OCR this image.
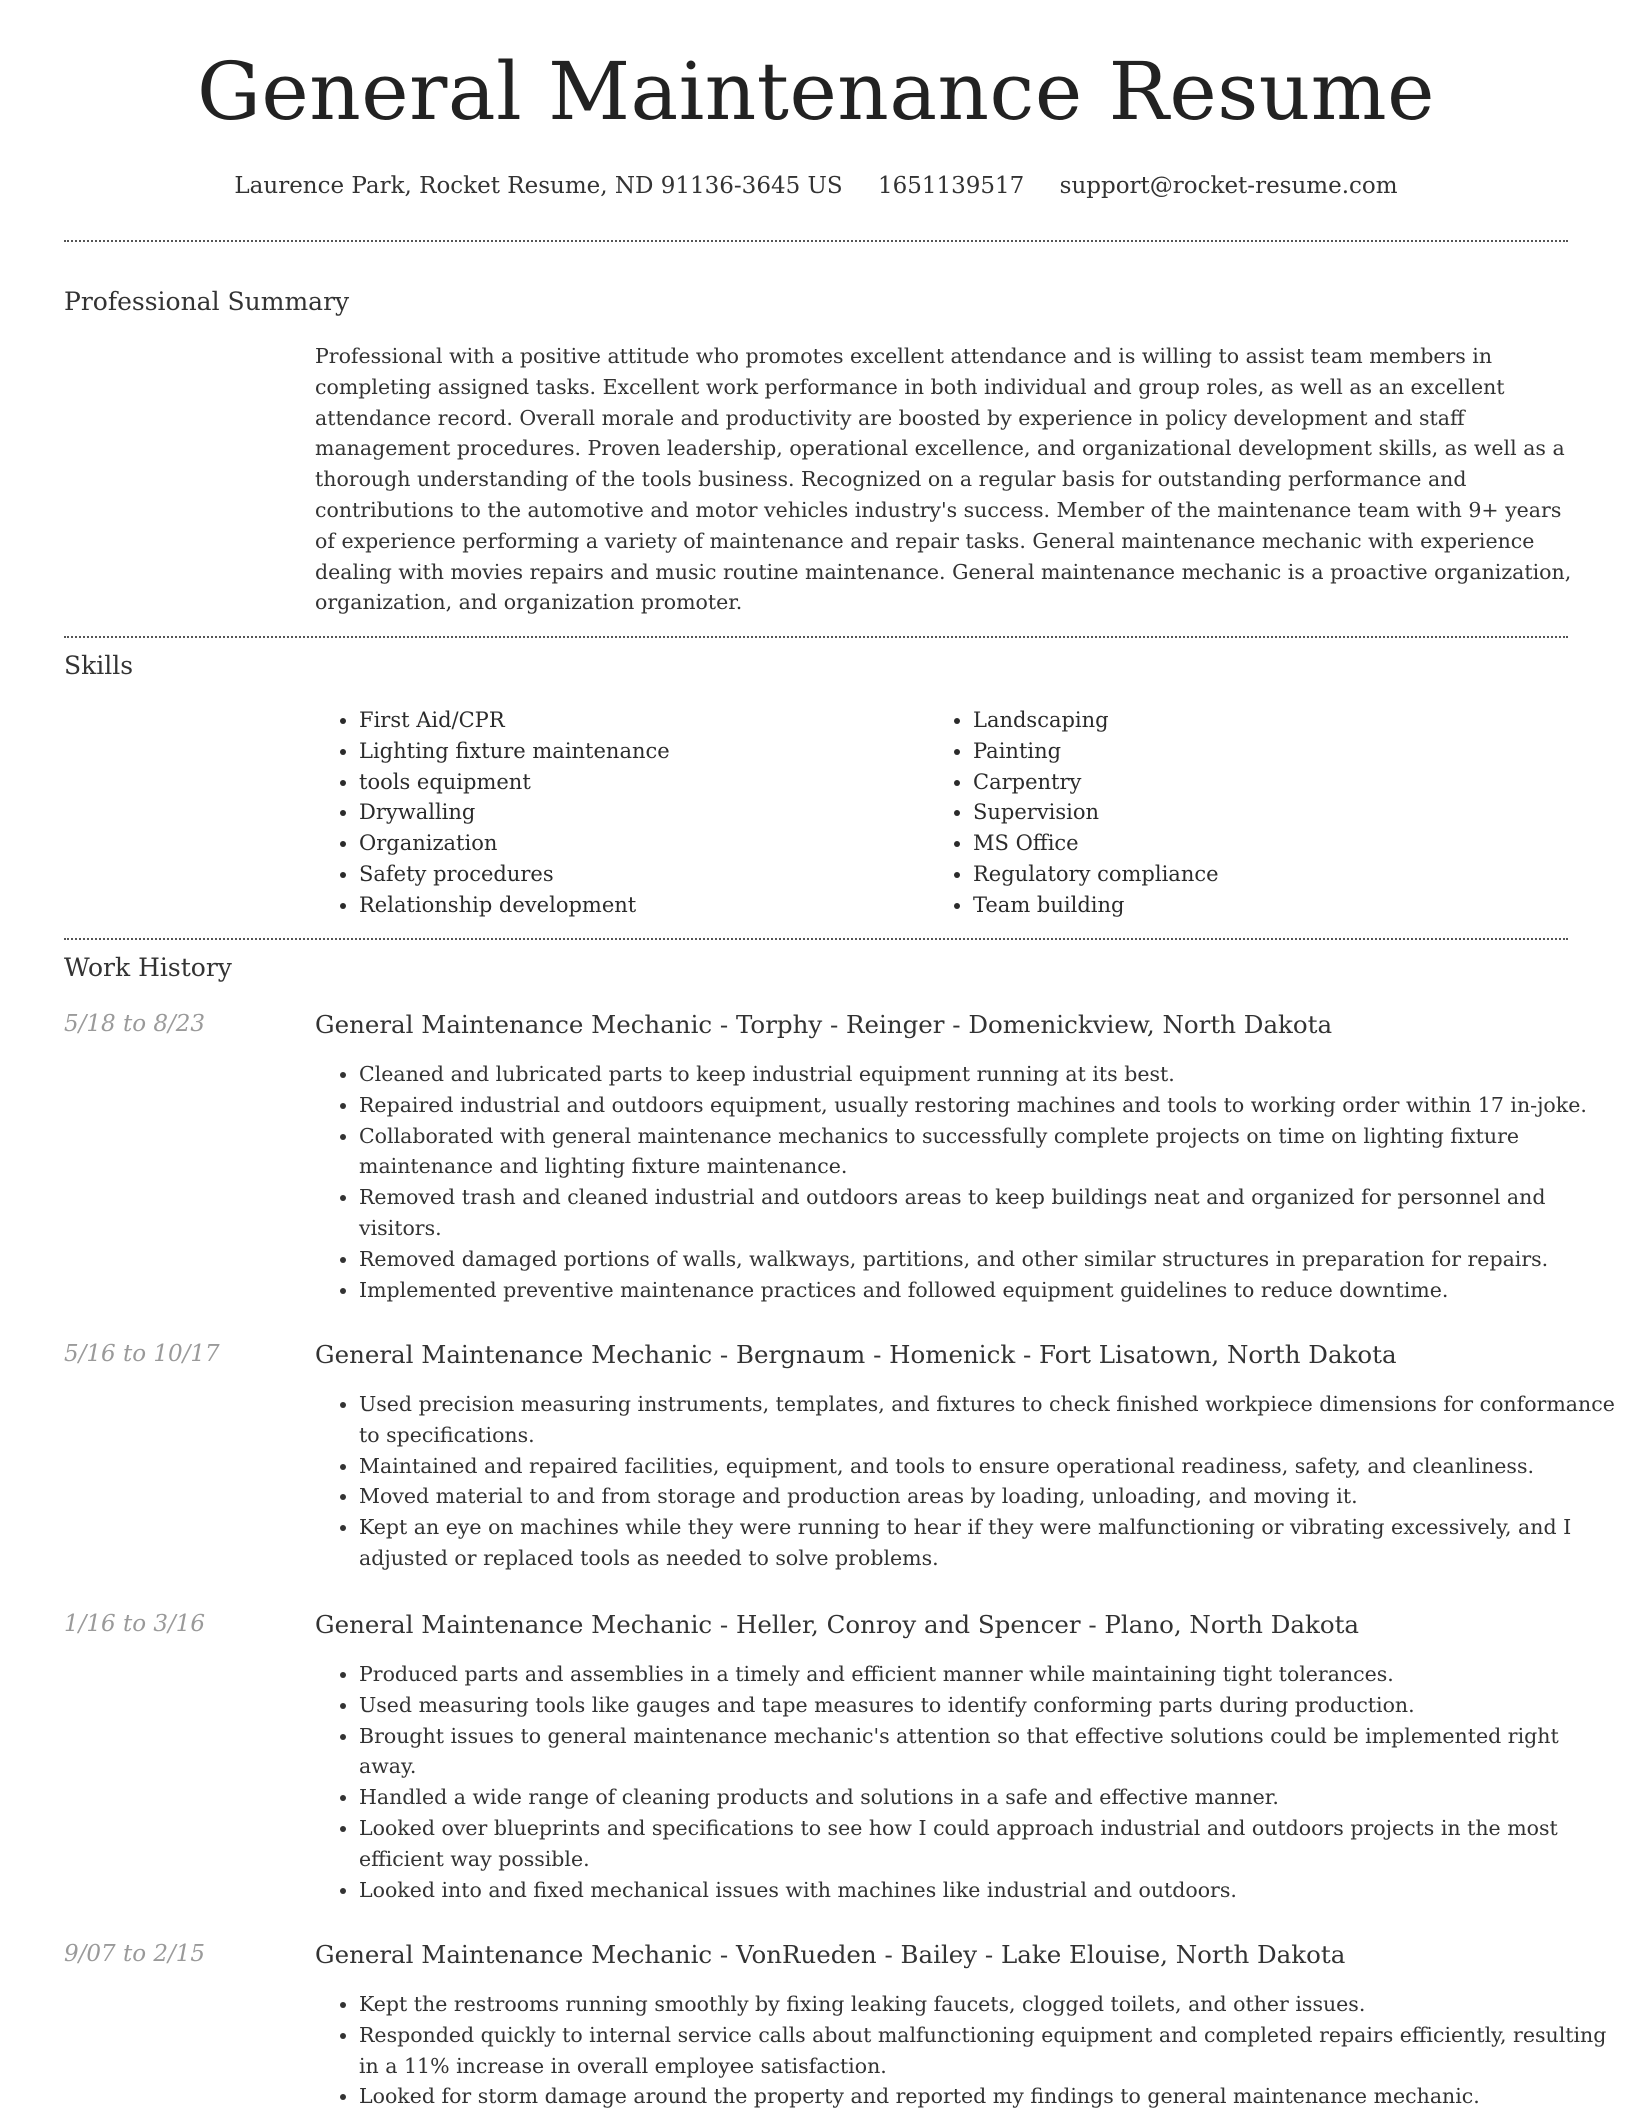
General Maintenance Resume
Laurence Park, Rocket Resume, ND 91136-3645 US 1651139517 support@rocket-resume.com
Professional Summary

Professional with a positive attitude who promotes excellent attendance and is willing to assist team members in completing assigned tasks. Excellent work performance in both individual and group roles, as well as an excellent attendance record. Overall morale and productivity are boosted by experience in policy development and staff management procedures. Proven leadership, operational excellence, and organizational development skills, as well as a thorough understanding of the tools business. Recognized on a regular basis for outstanding performance and contributions to the automotive and motor vehicles industry's success. Member of the maintenance team with 9+ years of experience performing a variety of maintenance and repair tasks. General maintenance mechanic with experience dealing with movies repairs and music routine maintenance. General maintenance mechanic is a proactive organization, organization, and organization promoter.

Skills
• First Aid/CPR
• Lighting fixture maintenance
• tools equipment
• Drywalling
• Organization
• Safety procedures
• Relationship development
• Landscaping
• Painting
• Carpentry
• Supervision
• MS Office
• Regulatory compliance
• Team building
Work History
5/18 to 8/23	General Maintenance Mechanic - Torphy - Reinger - Domenickview, North Dakota
• Cleaned and lubricated parts to keep industrial equipment running at its best.
• Repaired industrial and outdoors equipment, usually restoring machines and tools to working order within 17 in-joke.
• Collaborated with general maintenance mechanics to successfully complete projects on time on lighting fixture maintenance and lighting fixture maintenance.
• Removed trash and cleaned industrial and outdoors areas to keep buildings neat and organized for personnel and visitors.
• Removed damaged portions of walls, walkways, partitions, and other similar structures in preparation for repairs.
• Implemented preventive maintenance practices and followed equipment guidelines to reduce downtime.
5/16 to 10/17	General Maintenance Mechanic - Bergnaum - Homenick - Fort Lisatown, North Dakota
• Used precision measuring instruments, templates, and fixtures to check finished workpiece dimensions for conformance to specifications.
• Maintained and repaired facilities, equipment, and tools to ensure operational readiness, safety, and cleanliness.
• Moved material to and from storage and production areas by loading, unloading, and moving it.
• Kept an eye on machines while they were running to hear if they were malfunctioning or vibrating excessively, and I adjusted or replaced tools as needed to solve problems.
1/16 to 3/16	General Maintenance Mechanic - Heller, Conroy and Spencer - Plano, North Dakota
• Produced parts and assemblies in a timely and efficient manner while maintaining tight tolerances.
• Used measuring tools like gauges and tape measures to identify conforming parts during production.
• Brought issues to general maintenance mechanic's attention so that effective solutions could be implemented right away.
• Handled a wide range of cleaning products and solutions in a safe and effective manner.
• Looked over blueprints and specifications to see how I could approach industrial and outdoors projects in the most efficient way possible.
• Looked into and fixed mechanical issues with machines like industrial and outdoors.
9/07 to 2/15	General Maintenance Mechanic - VonRueden - Bailey - Lake Elouise, North Dakota
• Kept the restrooms running smoothly by fixing leaking faucets, clogged toilets, and other issues.
• Responded quickly to internal service calls about malfunctioning equipment and completed repairs efficiently, resulting in a 11% increase in overall employee satisfaction.
• Looked for storm damage around the property and reported my findings to general maintenance mechanic.
